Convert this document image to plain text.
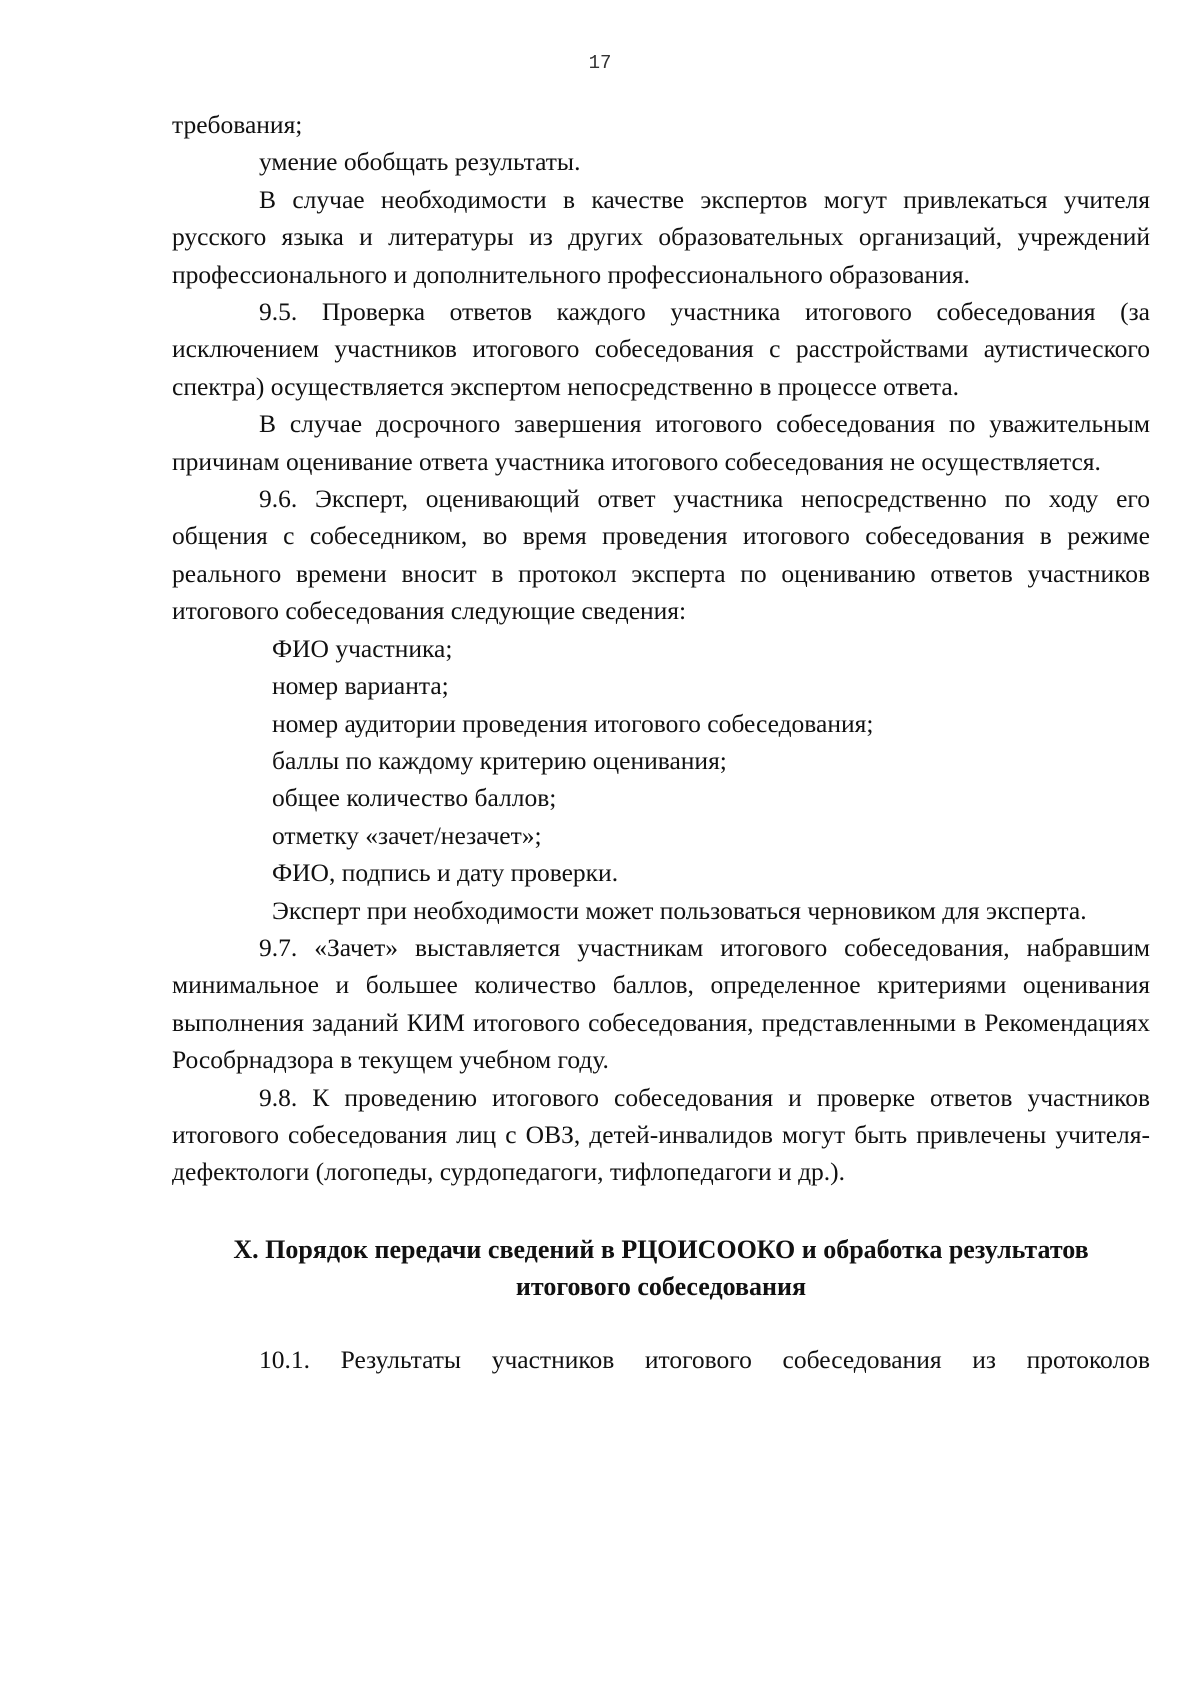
17

требования;

умение обобщать результаты.

В случае необходимости в качестве экспертов могут привлекаться учителя русского языка и литературы из других образовательных организаций, учреждений профессионального и дополнительного профессионального образования.

9.5. Проверка ответов каждого участника итогового собеседования (за исключением участников итогового собеседования с расстройствами аутистического спектра) осуществляется экспертом непосредственно в процессе ответа.

В случае досрочного завершения итогового собеседования по уважительным причинам оценивание ответа участника итогового собеседования не осуществляется.

9.6. Эксперт, оценивающий ответ участника непосредственно по ходу его общения с собеседником, во время проведения итогового собеседования в режиме реального времени вносит в протокол эксперта по оцениванию ответов участников итогового собеседования следующие сведения:

ФИО участника;

номер варианта;

номер аудитории проведения итогового собеседования;

баллы по каждому критерию оценивания;

общее количество баллов;

отметку «зачет/незачет»;

ФИО, подпись и дату проверки.

Эксперт при необходимости может пользоваться черновиком для эксперта.

9.7. «Зачет» выставляется участникам итогового собеседования, набравшим минимальное и большее количество баллов, определенное критериями оценивания выполнения заданий КИМ итогового собеседования, представленными в Рекомендациях Рособрнадзора в текущем учебном году.

9.8. К проведению итогового собеседования и проверке ответов участников итогового собеседования лиц с ОВЗ, детей-инвалидов могут быть привлечены учителя-дефектологи (логопеды, сурдопедагоги, тифлопедагоги и др.).

X. Порядок передачи сведений в РЦОИСООКО и обработка результатов
итогового собеседования

10.1. Результаты участников итогового собеседования из протоколов
